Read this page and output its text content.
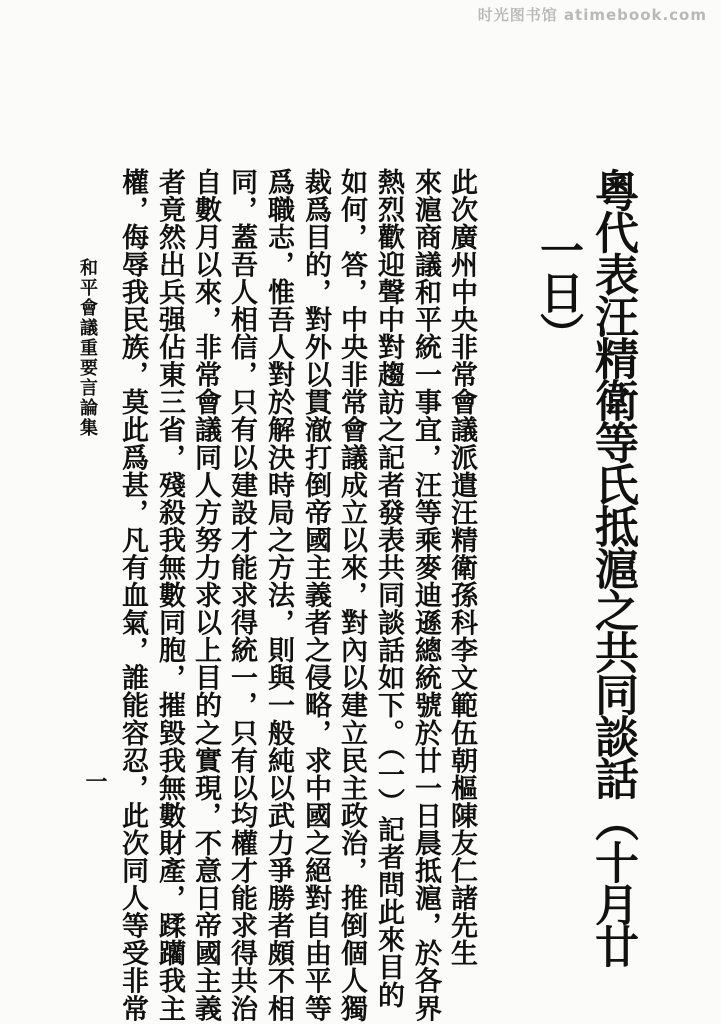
时光图书馆 atimebook.com
粵代表汪精衛等氏抵滬之共同談話（十月廿
一日）
此次廣州中央非常會議派遣汪精衛孫科李文範伍朝樞陳友仁諸先生
來滬商議和平統一事宜，汪等乘麥迪遜總統號於廿一日晨抵滬，於各界
熱烈歡迎聲中對趨訪之記者發表共同談話如下。（一）記者問此來目的
如何，答，中央非常會議成立以來，對內以建立民主政治，推倒個人獨
裁爲目的，對外以貫澈打倒帝國主義者之侵略，求中國之絕對自由平等
爲職志，惟吾人對於解決時局之方法，則與一般純以武力爭勝者頗不相
同，蓋吾人相信，只有以建設才能求得統一，只有以均權才能求得共治
自數月以來，非常會議同人方努力求以上目的之實現，不意日帝國主義
者竟然出兵强佔東三省，殘殺我無數同胞，摧毀我無數財產，蹂躪我主
權，侮辱我民族，莫此爲甚，凡有血氣，誰能容忍，此次同人等受非常
和平會議重要言論集
一
